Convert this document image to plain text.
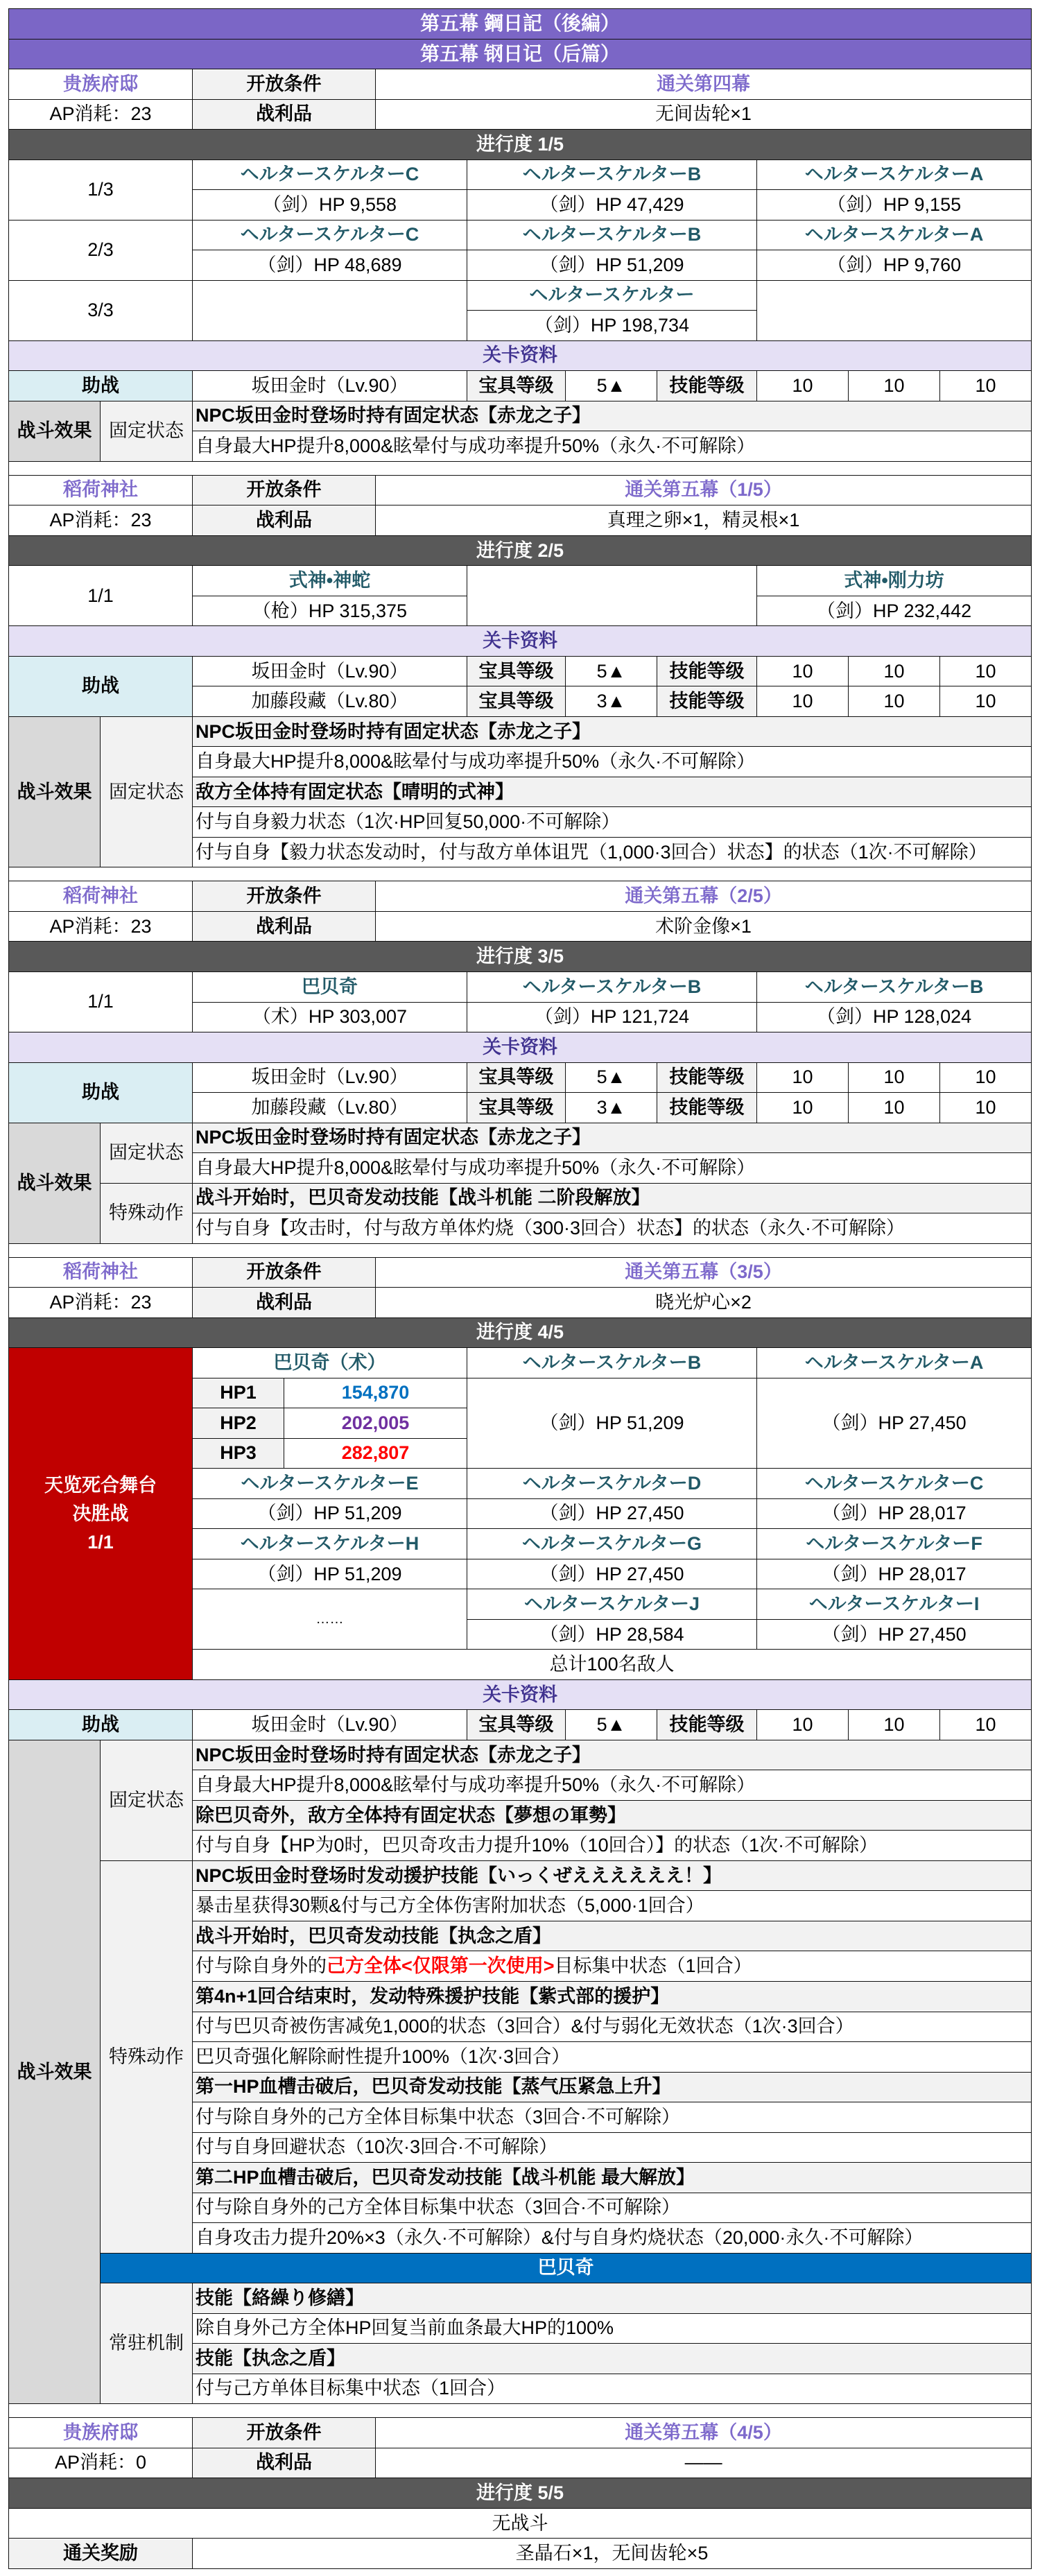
第五幕 鋼日記（後編）										
第五幕 钢日记（后篇）										
贵族府邸		开放条件		通关第四幕						
AP消耗：23		战利品		无间齿轮×1						
进行度 1/5										
1/3		ヘルタースケルターC			ヘルタースケルターB			ヘルタースケルターA		
		（剑）HP 9,558			（剑）HP 47,429			（剑）HP 9,155		
2/3		ヘルタースケルターC			ヘルタースケルターB			ヘルタースケルターA		
		（剑）HP 48,689			（剑）HP 51,209			（剑）HP 9,760		
3/3					ヘルタースケルター					
					（剑）HP 198,734					
关卡资料										
助战		坂田金时（Lv.90）			宝具等级	5▲	技能等级	10	10	10
战斗效果	固定状态	NPC坂田金时登场时持有固定状态【赤龙之子】								
		自身最大HP提升8,000&眩晕付与成功率提升50%（永久·不可解除）								

稻荷神社		开放条件		通关第五幕（1/5）						
AP消耗：23		战利品		真理之卵×1，精灵根×1						
进行度 2/5										
1/1		式神•神蛇						式神•刚力坊		
		（枪）HP 315,375						（剑）HP 232,442		
关卡资料										
助战		坂田金时（Lv.90）			宝具等级	5▲	技能等级	10	10	10
		加藤段藏（Lv.80）			宝具等级	3▲	技能等级	10	10	10
战斗效果	固定状态	NPC坂田金时登场时持有固定状态【赤龙之子】								
		自身最大HP提升8,000&眩晕付与成功率提升50%（永久·不可解除）								
		敌方全体持有固定状态【晴明的式神】								
		付与自身毅力状态（1次·HP回复50,000·不可解除）								
		付与自身【毅力状态发动时，付与敌方单体诅咒（1,000·3回合）状态】的状态（1次·不可解除）								

稻荷神社		开放条件		通关第五幕（2/5）						
AP消耗：23		战利品		术阶金像×1						
进行度 3/5										
1/1		巴贝奇			ヘルタースケルターB			ヘルタースケルターB		
		（术）HP 303,007			（剑）HP 121,724			（剑）HP 128,024		
关卡资料										
助战		坂田金时（Lv.90）			宝具等级	5▲	技能等级	10	10	10
		加藤段藏（Lv.80）			宝具等级	3▲	技能等级	10	10	10
战斗效果	固定状态	NPC坂田金时登场时持有固定状态【赤龙之子】								
		自身最大HP提升8,000&眩晕付与成功率提升50%（永久·不可解除）								
	特殊动作	战斗开始时，巴贝奇发动技能【战斗机能 二阶段解放】								
		付与自身【攻击时，付与敌方单体灼烧（300·3回合）状态】的状态（永久·不可解除）								

稻荷神社		开放条件		通关第五幕（3/5）						
AP消耗：23		战利品		晓光炉心×2						
进行度 4/5										

天览死合舞台
决胜战
1/1		巴贝奇（术）			ヘルタースケルターB			ヘルタースケルターA		
		HP1	154,870		（剑）HP 51,209			（剑）HP 27,450		
		HP2	202,005							
		HP3	282,807							
		ヘルタースケルターE			ヘルタースケルターD			ヘルタースケルターC		
		（剑）HP 51,209			（剑）HP 27,450			（剑）HP 28,017		
		ヘルタースケルターH			ヘルタースケルターG			ヘルタースケルターF		
		（剑）HP 51,209			（剑）HP 27,450			（剑）HP 28,017		
		……			ヘルタースケルターJ			ヘルタースケルターI		
					（剑）HP 28,584			（剑）HP 27,450		
		总计100名敌人								
关卡资料										
助战		坂田金时（Lv.90）			宝具等级	5▲	技能等级	10	10	10
战斗效果	固定状态	NPC坂田金时登场时持有固定状态【赤龙之子】								
		自身最大HP提升8,000&眩晕付与成功率提升50%（永久·不可解除）								
		除巴贝奇外，敌方全体持有固定状态【夢想の軍勢】								
		付与自身【HP为0时，巴贝奇攻击力提升10%（10回合）】的状态（1次·不可解除）								
	特殊动作	NPC坂田金时登场时发动援护技能【いっくぜええええええ！】								
		暴击星获得30颗&付与己方全体伤害附加状态（5,000·1回合）								
		战斗开始时，巴贝奇发动技能【执念之盾】								
		付与除自身外的己方全体<仅限第一次使用>目标集中状态（1回合）								
		第4n+1回合结束时，发动特殊援护技能【紫式部的援护】								
		付与巴贝奇被伤害减免1,000的状态（3回合）&付与弱化无效状态（1次·3回合）								
		巴贝奇强化解除耐性提升100%（1次·3回合）								
		第一HP血槽击破后，巴贝奇发动技能【蒸气压紧急上升】								
		付与除自身外的己方全体目标集中状态（3回合·不可解除）								
		付与自身回避状态（10次·3回合·不可解除）								
		第二HP血槽击破后，巴贝奇发动技能【战斗机能 最大解放】								
		付与除自身外的己方全体目标集中状态（3回合·不可解除）								
		自身攻击力提升20%×3（永久·不可解除）&付与自身灼烧状态（20,000·永久·不可解除）								
	巴贝奇									
	常驻机制	技能【絡繰り修繕】								
		除自身外己方全体HP回复当前血条最大HP的100%								
		技能【执念之盾】								
		付与己方单体目标集中状态（1回合）								

贵族府邸		开放条件		通关第五幕（4/5）						
AP消耗：0		战利品		——						
进行度 5/5										
无战斗										
通关奖励		圣晶石×1，无间齿轮×5								
